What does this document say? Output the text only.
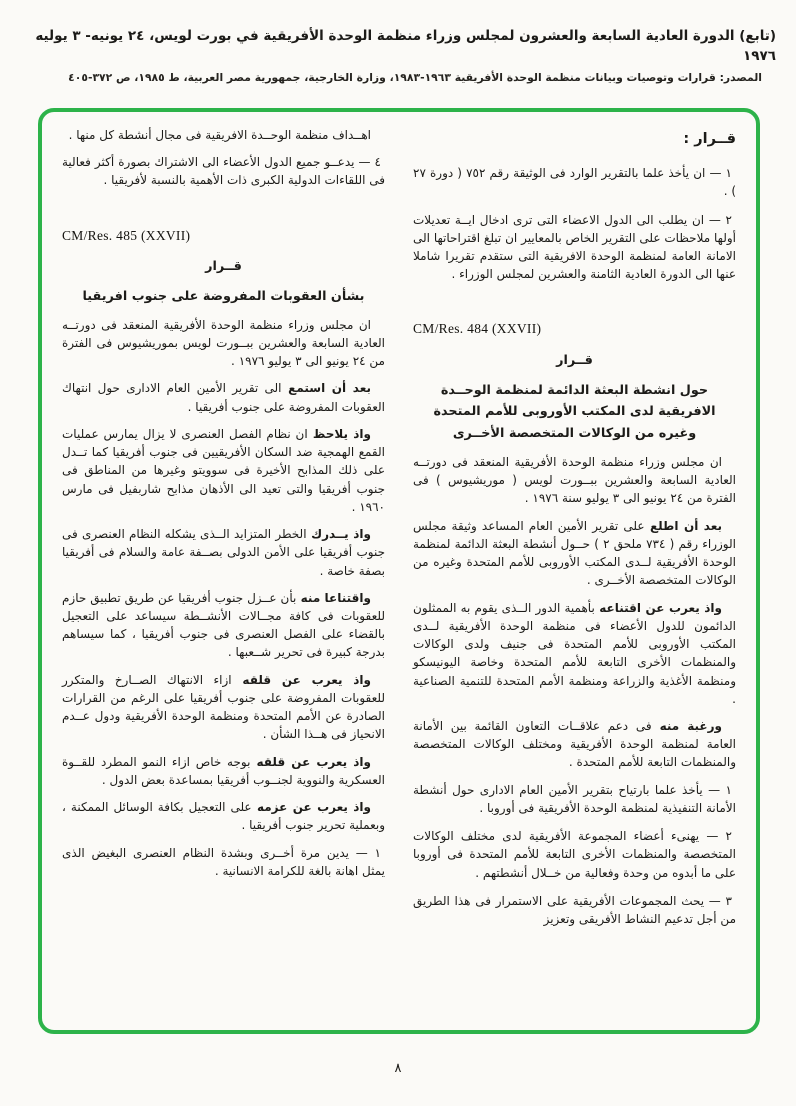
(تابع) الدورة العادية السابعة والعشرون لمجلس وزراء منظمة الوحدة الأفريقية في بورت لويس، ٢٤ يونيه- ٣ يوليه ١٩٧٦
المصدر: قرارات وتوصيات وبيانات منظمة الوحدة الأفريقية ١٩٦٣-١٩٨٣، وزارة الخارجية، جمهورية مصر العربية، ط ١٩٨٥، ص ٣٧٢-٤٠٥

قــرار :

١ — ان يأخذ علما بالتقرير الوارد فى الوثيقة رقم ٧٥٢ ( دورة ٢٧ ) .

٢ — ان يطلب الى الدول الاعضاء التى ترى ادخال ايــة تعديلات أولها ملاحظات على التقرير الخاص بالمعايير ان تبلغ اقتراحاتها الى الامانة العامة لمنظمة الوحدة الافريقية التى ستقدم تقريرا شاملا عنها الى الدورة العادية الثامنة والعشرين لمجلس الوزراء .

CM/Res. 484 (XXVII)

قــرار

حول انشطة البعثة الدائمة لمنظمة الوحــدة الافريقية لدى المكتب الأوروبى للأمم المتحدة وغيره من الوكالات المتخصصة الأخــرى

ان مجلس وزراء منظمة الوحدة الأفريقية المنعقد فى دورتــه العادية السابعة والعشرين ببــورت لويس ( موريشيوس ) فى الفترة من ٢٤ يونيو الى ٣ يوليو سنة ١٩٧٦ .

بعد أن اطلع على تقرير الأمين العام المساعد وثيقة مجلس الوزراء رقم ( ٧٣٤ ملحق ٢ ) حــول أنشطة البعثة الدائمة لمنظمة الوحدة الأفريقية لــدى المكتب الأوروبى للأمم المتحدة وغيره من الوكالات المتخصصة الأخــرى .

واذ يعرب عن اقتناعه بأهمية الدور الــذى يقوم به الممثلون الدائمون للدول الأعضاء فى منظمة الوحدة الأفريقية لــدى المكتب الأوروبى للأمم المتحدة فى جنيف ولدى الوكالات والمنظمات الأخرى التابعة للأمم المتحدة وخاصة اليونيسكو ومنظمة الأغذية والزراعة ومنظمة الأمم المتحدة للتنمية الصناعية .

ورغبة منه فى دعم علاقــات التعاون القائمة بين الأمانة العامة لمنظمة الوحدة الأفريقية ومختلف الوكالات المتخصصة والمنظمات التابعة للأمم المتحدة .

١ — يأخذ علما بارتياح بتقرير الأمين العام الادارى حول أنشطة الأمانة التنفيذية لمنظمة الوحدة الأفريقية فى أوروبا .

٢ — يهنىء أعضاء المجموعة الأفريقية لدى مختلف الوكالات المتخصصة والمنظمات الأخرى التابعة للأمم المتحدة فى أوروبا على ما أبدوه من وحدة وفعالية من خــلال أنشطتهم .

٣ — يحث المجموعات الأفريقية على الاستمرار فى هذا الطريق من أجل تدعيم النشاط الأفريقى وتعزيز

اهــداف منظمة الوحــدة الافريقية فى مجال أنشطة كل منها .

٤ — يدعــو جميع الدول الأعضاء الى الاشتراك بصورة أكثر فعالية فى اللقاءات الدولية الكبرى ذات الأهمية بالنسبة لأفريقيا .

CM/Res. 485 (XXVII)

قــرار

بشأن العقوبات المفروضة على جنوب افريقيا

ان مجلس وزراء منظمة الوحدة الأفريقية المنعقد فى دورتــه العادية السابعة والعشرين ببــورت لويس بموريشيوس فى الفترة من ٢٤ يونيو الى ٣ يوليو ١٩٧٦ .

بعد أن استمع الى تقرير الأمين العام الادارى حول انتهاك العقوبات المفروضة على جنوب أفريقيا .

واذ يلاحظ ان نظام الفصل العنصرى لا يزال يمارس عمليات القمع الهمجية ضد السكان الأفريقيين فى جنوب أفريقيا كما تــدل على ذلك المذابح الأخيرة فى سوويتو وغيرها من المناطق فى جنوب أفريقيا والتى تعيد الى الأذهان مذابح شاربفيل فى مارس ١٩٦٠ .

واذ يــدرك الخطر المتزايد الــذى يشكله النظام العنصرى فى جنوب أفريقيا على الأمن الدولى بصــفة عامة والسلام فى أفريقيا بصفة خاصة .

واقتناعا منه بأن عــزل جنوب أفريقيا عن طريق تطبيق حازم للعقوبات فى كافة مجــالات الأنشــطة سيساعد على التعجيل بالقضاء على الفصل العنصرى فى جنوب أفريقيا ، كما سيساهم بدرجة كبيرة فى تحرير شــعبها .

واذ يعرب عن قلقه ازاء الانتهاك الصــارخ والمتكرر للعقوبات المفروضة على جنوب أفريقيا على الرغم من القرارات الصادرة عن الأمم المتحدة ومنظمة الوحدة الأفريقية ودول عــدم الانحياز فى هــذا الشأن .

واذ يعرب عن قلقه بوجه خاص ازاء النمو المطرد للقــوة العسكرية والنووية لجنــوب أفريقيا بمساعدة بعض الدول .

واذ يعرب عن عزمه على التعجيل بكافة الوسائل الممكنة ، وبعملية تحرير جنوب أفريقيا .

١ — يدين مرة أخــرى وبشدة النظام العنصرى البغيض الذى يمثل اهانة بالغة للكرامة الانسانية .

٨
